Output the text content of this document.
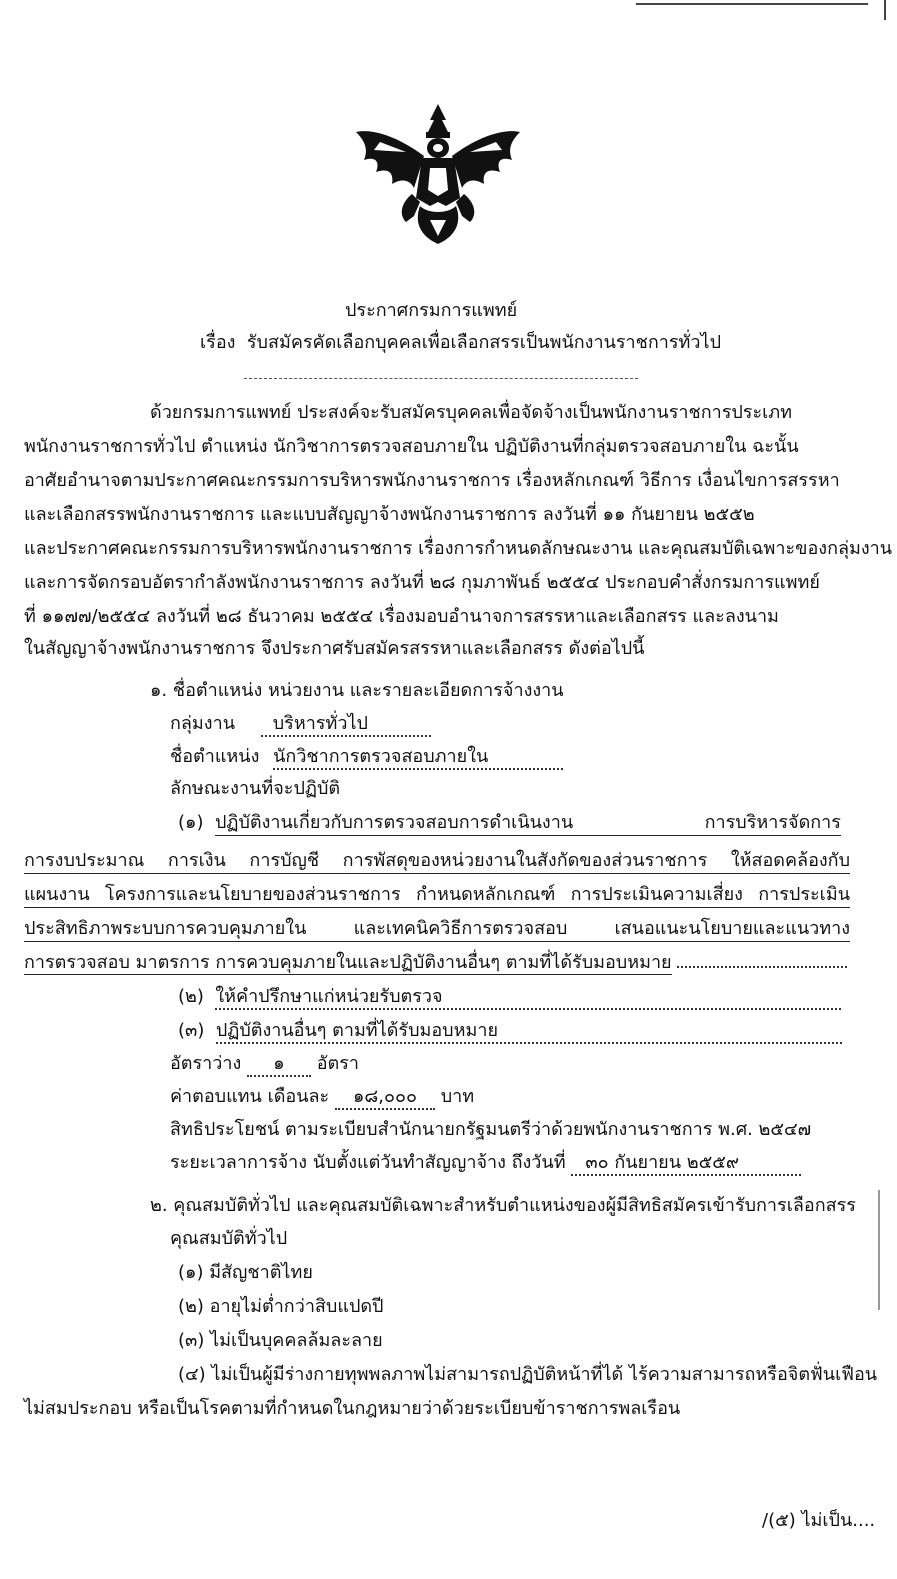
ประกาศกรมการแพทย์
เรื่อง รับสมัครคัดเลือกบุคคลเพื่อเลือกสรรเป็นพนักงานราชการทั่วไป
ด้วยกรมการแพทย์ ประสงค์จะรับสมัครบุคคลเพื่อจัดจ้างเป็นพนักงานราชการประเภท
พนักงานราชการทั่วไป ตำแหน่ง นักวิชาการตรวจสอบภายใน ปฏิบัติงานที่กลุ่มตรวจสอบภายใน ฉะนั้น
อาศัยอำนาจตามประกาศคณะกรรมการบริหารพนักงานราชการ เรื่องหลักเกณฑ์ วิธีการ เงื่อนไขการสรรหา
และเลือกสรรพนักงานราชการ และแบบสัญญาจ้างพนักงานราชการ ลงวันที่ ๑๑ กันยายน ๒๕๕๒
และประกาศคณะกรรมการบริหารพนักงานราชการ เรื่องการกำหนดลักษณะงาน และคุณสมบัติเฉพาะของกลุ่มงาน
และการจัดกรอบอัตรากำลังพนักงานราชการ ลงวันที่ ๒๘ กุมภาพันธ์ ๒๕๕๔ ประกอบคำสั่งกรมการแพทย์
ที่ ๑๑๗๗/๒๕๕๔ ลงวันที่ ๒๘ ธันวาคม ๒๕๕๔ เรื่องมอบอำนาจการสรรหาและเลือกสรร และลงนาม
ในสัญญาจ้างพนักงานราชการ จึงประกาศรับสมัครสรรหาและเลือกสรร ดังต่อไปนี้
๑. ชื่อตำแหน่ง หน่วยงาน และรายละเอียดการจ้างงาน
กลุ่มงาน บริหารทั่วไป
ชื่อตำแหน่ง นักวิชาการตรวจสอบภายใน
ลักษณะงานที่จะปฏิบัติ
(๑) ปฏิบัติงานเกี่ยวกับการตรวจสอบการดำเนินงาน การบริหารจัดการ
การงบประมาณ การเงิน การบัญชี การพัสดุของหน่วยงานในสังกัดของส่วนราชการ ให้สอดคล้องกับ
แผนงาน โครงการและนโยบายของส่วนราชการ กำหนดหลักเกณฑ์ การประเมินความเสี่ยง การประเมิน
ประสิทธิภาพระบบการควบคุมภายใน และเทคนิควิธีการตรวจสอบ เสนอแนะนโยบายและแนวทาง
การตรวจสอบ มาตรการ การควบคุมภายในและปฏิบัติงานอื่นๆ ตามที่ได้รับมอบหมาย
(๒) ให้คำปรึกษาแก่หน่วยรับตรวจ
(๓) ปฏิบัติงานอื่นๆ ตามที่ได้รับมอบหมาย
อัตราว่าง ๑ อัตรา
ค่าตอบแทน เดือนละ ๑๘,๐๐๐ บาท
สิทธิประโยชน์ ตามระเบียบสำนักนายกรัฐมนตรีว่าด้วยพนักงานราชการ พ.ศ. ๒๕๔๗
ระยะเวลาการจ้าง นับตั้งแต่วันทำสัญญาจ้าง ถึงวันที่ ๓๐ กันยายน ๒๕๕๙
๒. คุณสมบัติทั่วไป และคุณสมบัติเฉพาะสำหรับตำแหน่งของผู้มีสิทธิสมัครเข้ารับการเลือกสรร
คุณสมบัติทั่วไป
(๑) มีสัญชาติไทย
(๒) อายุไม่ต่ำกว่าสิบแปดปี
(๓) ไม่เป็นบุคคลล้มละลาย
(๔) ไม่เป็นผู้มีร่างกายทุพพลภาพไม่สามารถปฏิบัติหน้าที่ได้ ไร้ความสามารถหรือจิตฟั่นเฟือน
ไม่สมประกอบ หรือเป็นโรคตามที่กำหนดในกฎหมายว่าด้วยระเบียบข้าราชการพลเรือน
/(๕) ไม่เป็น....
